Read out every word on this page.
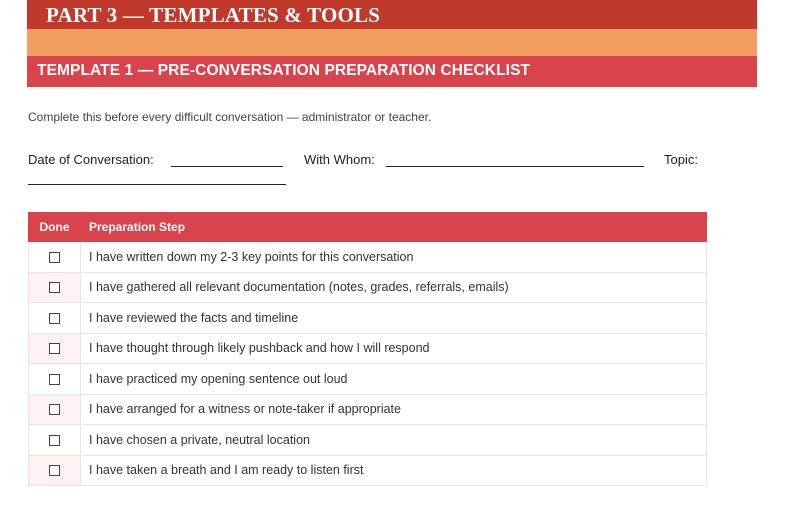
PART 3 — TEMPLATES & TOOLS
TEMPLATE 1 — PRE-CONVERSATION PREPARATION CHECKLIST
Complete this before every difficult conversation — administrator or teacher.
Date of Conversation:	With Whom:	Topic:
Done	Preparation Step
	I have written down my 2-3 key points for this conversation
	I have gathered all relevant documentation (notes, grades, referrals, emails)
	I have reviewed the facts and timeline
	I have thought through likely pushback and how I will respond
	I have practiced my opening sentence out loud
	I have arranged for a witness or note-taker if appropriate
	I have chosen a private, neutral location
	I have taken a breath and I am ready to listen first
